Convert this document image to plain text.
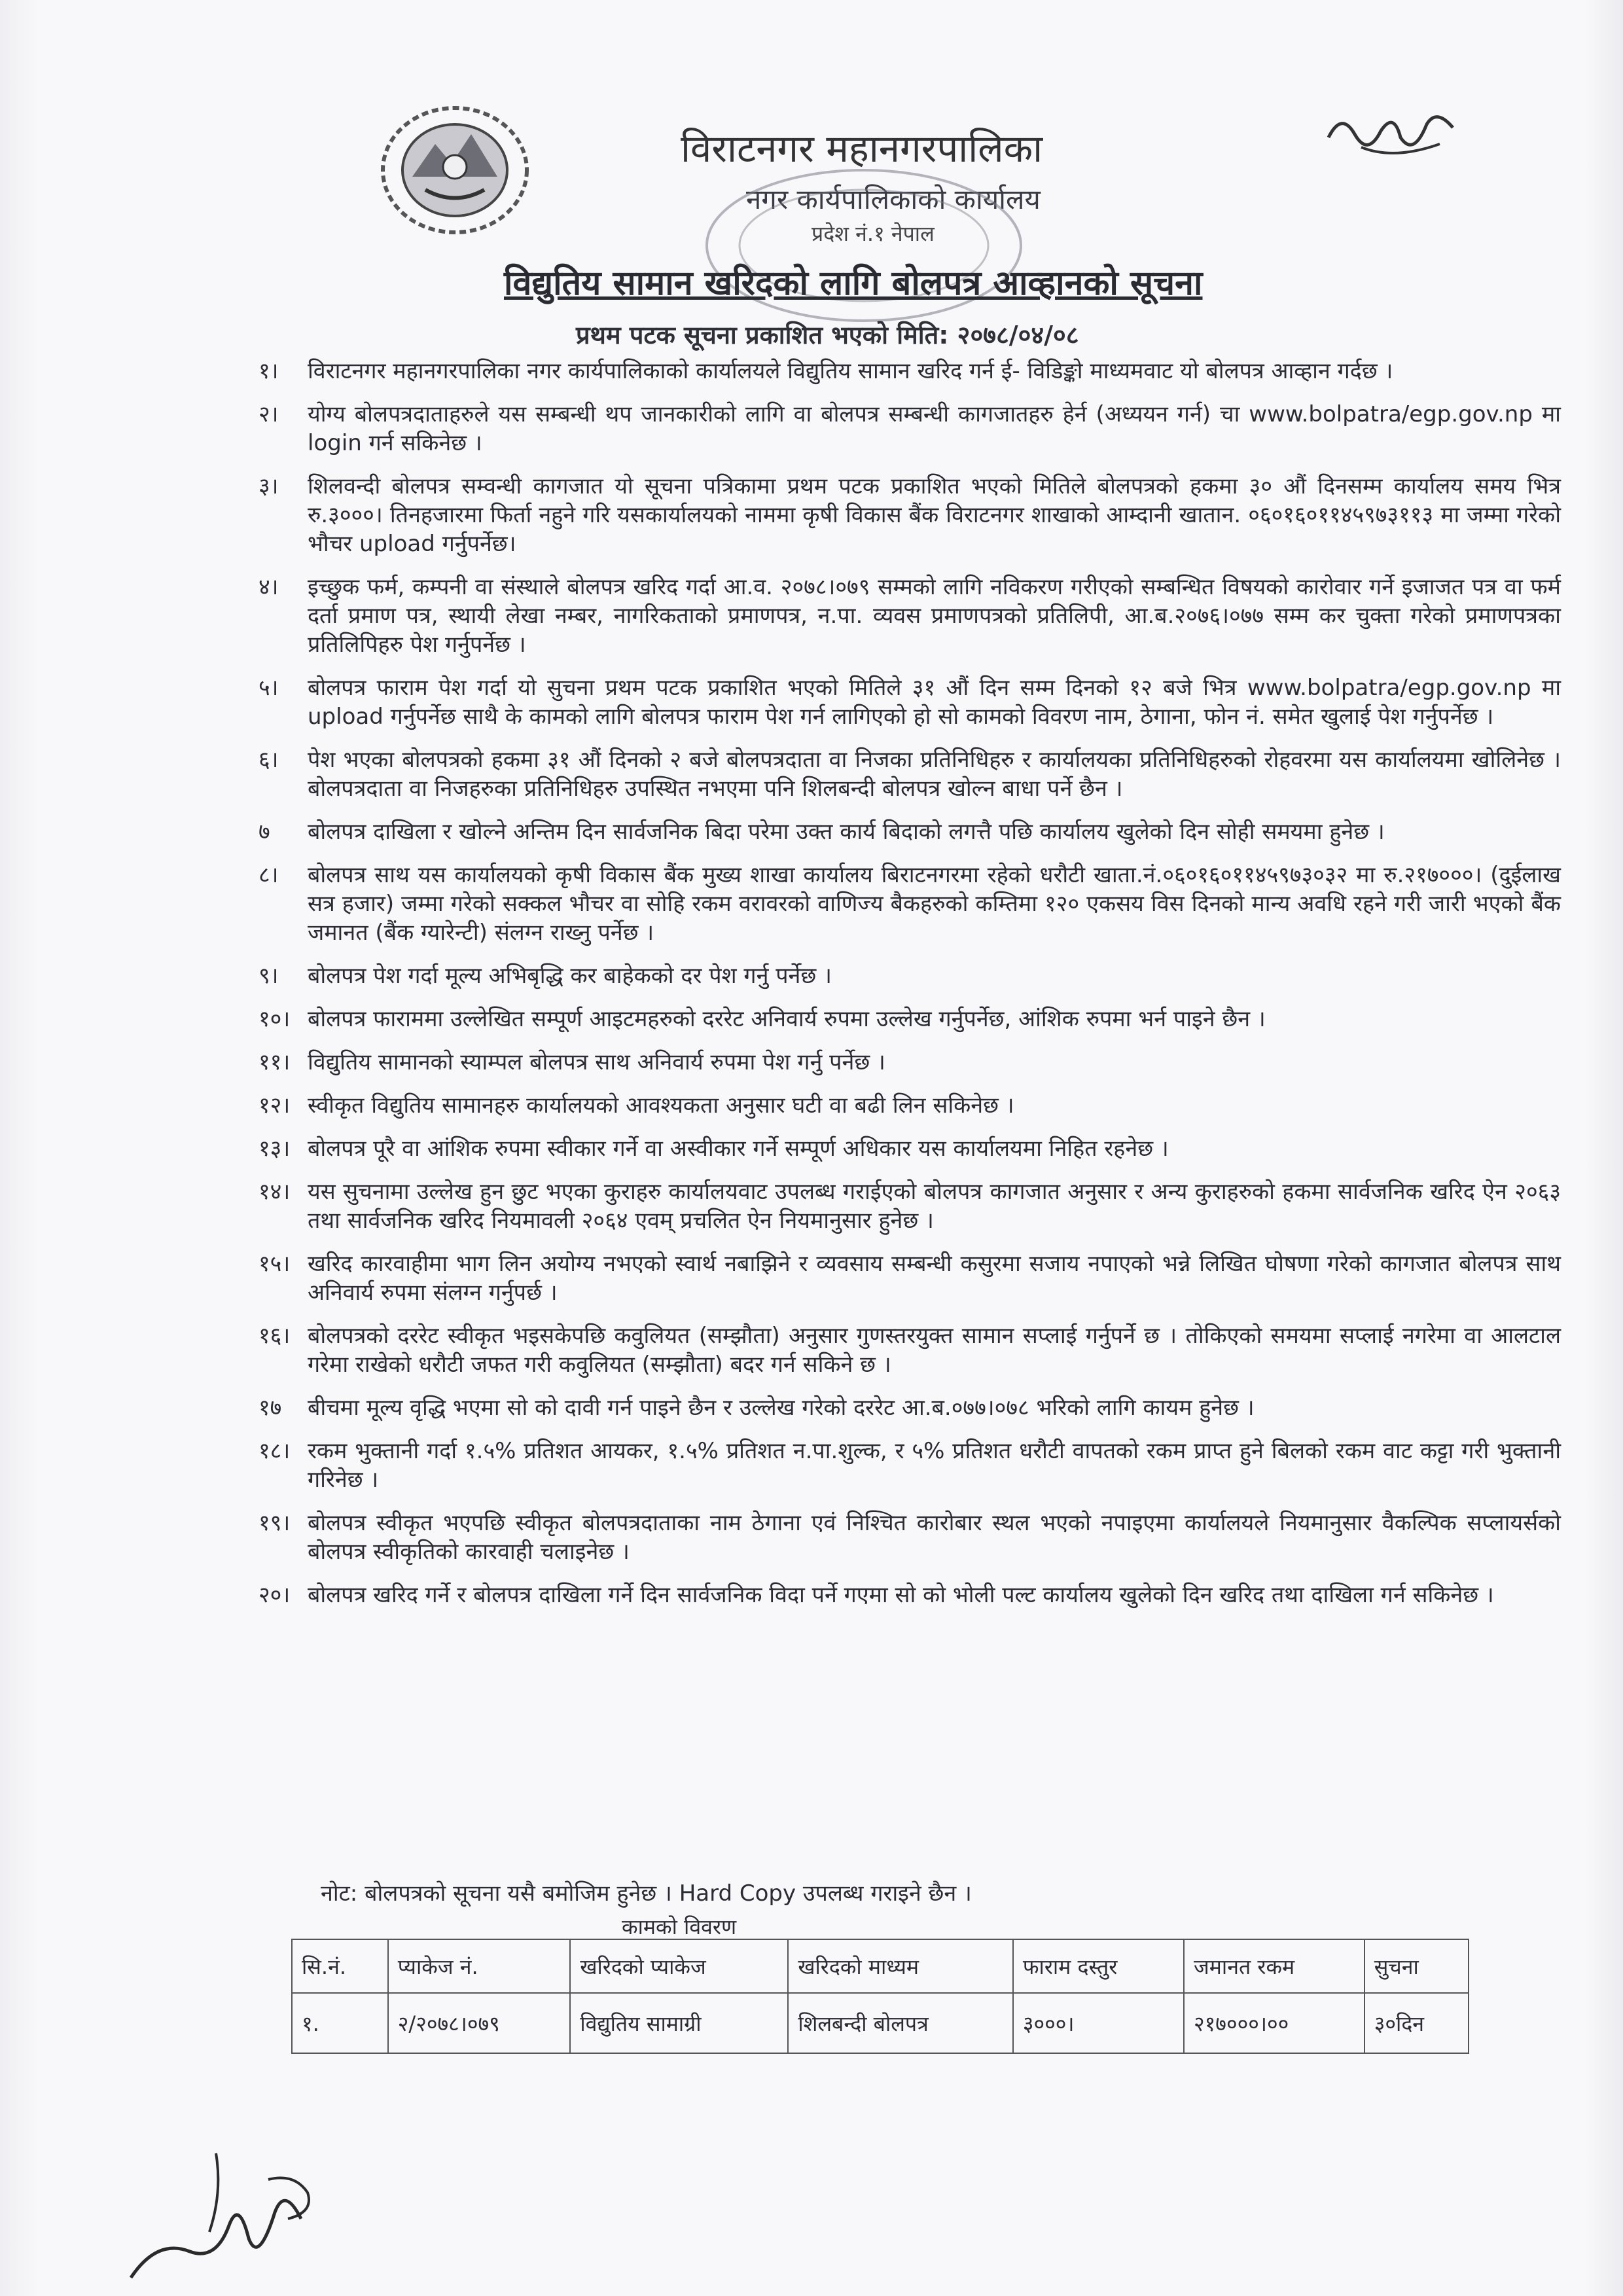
विराटनगर महानगरपालिका
नगर कार्यपालिकाको कार्यालय
प्रदेश नं.१ नेपाल
विद्युतिय सामान खरिदको लागि बोलपत्र आव्हानको सूचना
प्रथम पटक सूचना प्रकाशित भएको मिति: २०७८/०४/०८
१।	विराटनगर महानगरपालिका नगर कार्यपालिकाको कार्यालयले विद्युतिय सामान खरिद गर्न ई- विडिङ्को माध्यमवाट यो बोलपत्र आव्हान गर्दछ ।
२।	योग्य बोलपत्रदाताहरुले यस सम्बन्धी थप जानकारीको लागि वा बोलपत्र सम्बन्धी कागजातहरु हेर्न (अध्ययन गर्न) चा www.bolpatra/egp.gov.np मा login गर्न सकिनेछ ।
३।	शिलवन्दी बोलपत्र सम्वन्धी कागजात यो सूचना पत्रिकामा प्रथम पटक प्रकाशित भएको मितिले बोलपत्रको हकमा ३० औं दिनसम्म कार्यालय समय भित्र रु.३०००। तिनहजारमा फिर्ता नहुने गरि यसकार्यालयको नाममा कृषी विकास बैंक विराटनगर शाखाको आम्दानी खातान. ०६०१६०११४५९७३११३ मा जम्मा गरेको भौचर upload गर्नुपर्नेछ।
४।	इच्छुक फर्म, कम्पनी वा संस्थाले बोलपत्र खरिद गर्दा आ.व. २०७८।०७९ सम्मको लागि नविकरण गरीएको सम्बन्धित विषयको कारोवार गर्ने इजाजत पत्र वा फर्म दर्ता प्रमाण पत्र, स्थायी लेखा नम्बर, नागरिकताको प्रमाणपत्र, न.पा. व्यवस प्रमाणपत्रको प्रतिलिपी, आ.ब.२०७६।०७७ सम्म कर चुक्ता गरेको प्रमाणपत्रका प्रतिलिपिहरु पेश गर्नुपर्नेछ ।
५।	बोलपत्र फाराम पेश गर्दा यो सुचना प्रथम पटक प्रकाशित भएको मितिले ३१ औं दिन सम्म दिनको १२ बजे भित्र www.bolpatra/egp.gov.np मा upload गर्नुपर्नेछ साथै के कामको लागि बोलपत्र फाराम पेश गर्न लागिएको हो सो कामको विवरण नाम, ठेगाना, फोन नं. समेत खुलाई पेश गर्नुपर्नेछ ।
६।	पेश भएका बोलपत्रको हकमा ३१ औं दिनको २ बजे बोलपत्रदाता वा निजका प्रतिनिधिहरु र कार्यालयका प्रतिनिधिहरुको रोहवरमा यस कार्यालयमा खोलिनेछ । बोलपत्रदाता वा निजहरुका प्रतिनिधिहरु उपस्थित नभएमा पनि शिलबन्दी बोलपत्र खोल्न बाधा पर्ने छैन ।
७	बोलपत्र दाखिला र खोल्ने अन्तिम दिन सार्वजनिक बिदा परेमा उक्त कार्य बिदाको लगत्तै पछि कार्यालय खुलेको दिन सोही समयमा हुनेछ ।
८।	बोलपत्र साथ यस कार्यालयको कृषी विकास बैंक मुख्य शाखा कार्यालय बिराटनगरमा रहेको धरौटी खाता.नं.०६०१६०११४५९७३०३२ मा रु.२१७०००। (दुईलाख सत्र हजार) जम्मा गरेको सक्कल भौचर वा सोहि रकम वरावरको वाणिज्य बैकहरुको कम्तिमा १२० एकसय विस दिनको मान्य अवधि रहने गरी जारी भएको बैंक जमानत (बैंक ग्यारेन्टी) संलग्न राख्नु पर्नेछ ।
९।	बोलपत्र पेश गर्दा मूल्य अभिबृद्धि कर बाहेकको दर पेश गर्नु पर्नेछ ।
१०। बोलपत्र फाराममा उल्लेखित सम्पूर्ण आइटमहरुको दररेट अनिवार्य रुपमा उल्लेख गर्नुपर्नेछ, आंशिक रुपमा भर्न पाइने छैन ।
११। विद्युतिय सामानको स्याम्पल बोलपत्र साथ अनिवार्य रुपमा पेश गर्नु पर्नेछ ।
१२। स्वीकृत विद्युतिय सामानहरु कार्यालयको आवश्यकता अनुसार घटी वा बढी लिन सकिनेछ ।
१३। बोलपत्र पूरै वा आंशिक रुपमा स्वीकार गर्ने वा अस्वीकार गर्ने सम्पूर्ण अधिकार यस कार्यालयमा निहित रहनेछ ।
१४। यस सुचनामा उल्लेख हुन छुट भएका कुराहरु कार्यालयवाट उपलब्ध गराईएको बोलपत्र कागजात अनुसार र अन्य कुराहरुको हकमा सार्वजनिक खरिद ऐन २०६३ तथा सार्वजनिक खरिद नियमावली २०६४ एवम् प्रचलित ऐन नियमानुसार हुनेछ ।
१५। खरिद कारवाहीमा भाग लिन अयोग्य नभएको स्वार्थ नबाझिने र व्यवसाय सम्बन्धी कसुरमा सजाय नपाएको भन्ने लिखित घोषणा गरेको कागजात बोलपत्र साथ अनिवार्य रुपमा संलग्न गर्नुपर्छ ।
१६। बोलपत्रको दररेट स्वीकृत भइसकेपछि कवुलियत (सम्झौता) अनुसार गुणस्तरयुक्त सामान सप्लाई गर्नुपर्ने छ । तोकिएको समयमा सप्लाई नगरेमा वा आलटाल गरेमा राखेको धरौटी जफत गरी कवुलियत (सम्झौता) बदर गर्न सकिने छ ।
१७	बीचमा मूल्य वृद्धि भएमा सो को दावी गर्न पाइने छैन र उल्लेख गरेको दररेट आ.ब.०७७।०७८ भरिको लागि कायम हुनेछ ।
१८। रकम भुक्तानी गर्दा १.५% प्रतिशत आयकर, १.५% प्रतिशत न.पा.शुल्क, र ५% प्रतिशत धरौटी वापतको रकम प्राप्त हुने बिलको रकम वाट कट्टा गरी भुक्तानी गरिनेछ ।
१९। बोलपत्र स्वीकृत भएपछि स्वीकृत बोलपत्रदाताका नाम ठेगाना एवं निश्चित कारोबार स्थल भएको नपाइएमा कार्यालयले नियमानुसार वैकल्पिक सप्लायर्सको बोलपत्र स्वीकृतिको कारवाही चलाइनेछ ।
२०। बोलपत्र खरिद गर्ने र बोलपत्र दाखिला गर्ने दिन सार्वजनिक विदा पर्ने गएमा सो को भोली पल्ट कार्यालय खुलेको दिन खरिद तथा दाखिला गर्न सकिनेछ ।
नोट: बोलपत्रको सूचना यसै बमोजिम हुनेछ । Hard Copy उपलब्ध गराइने छैन ।
कामको विवरण
सि.नं.	प्याकेज नं.	खरिदको प्याकेज	खरिदको माध्यम	फाराम दस्तुर	जमानत रकम	सुचना
१.	२/२०७८।०७९	विद्युतिय सामाग्री	शिलबन्दी बोलपत्र	३०००।	२१७०००।००	३०दिन
